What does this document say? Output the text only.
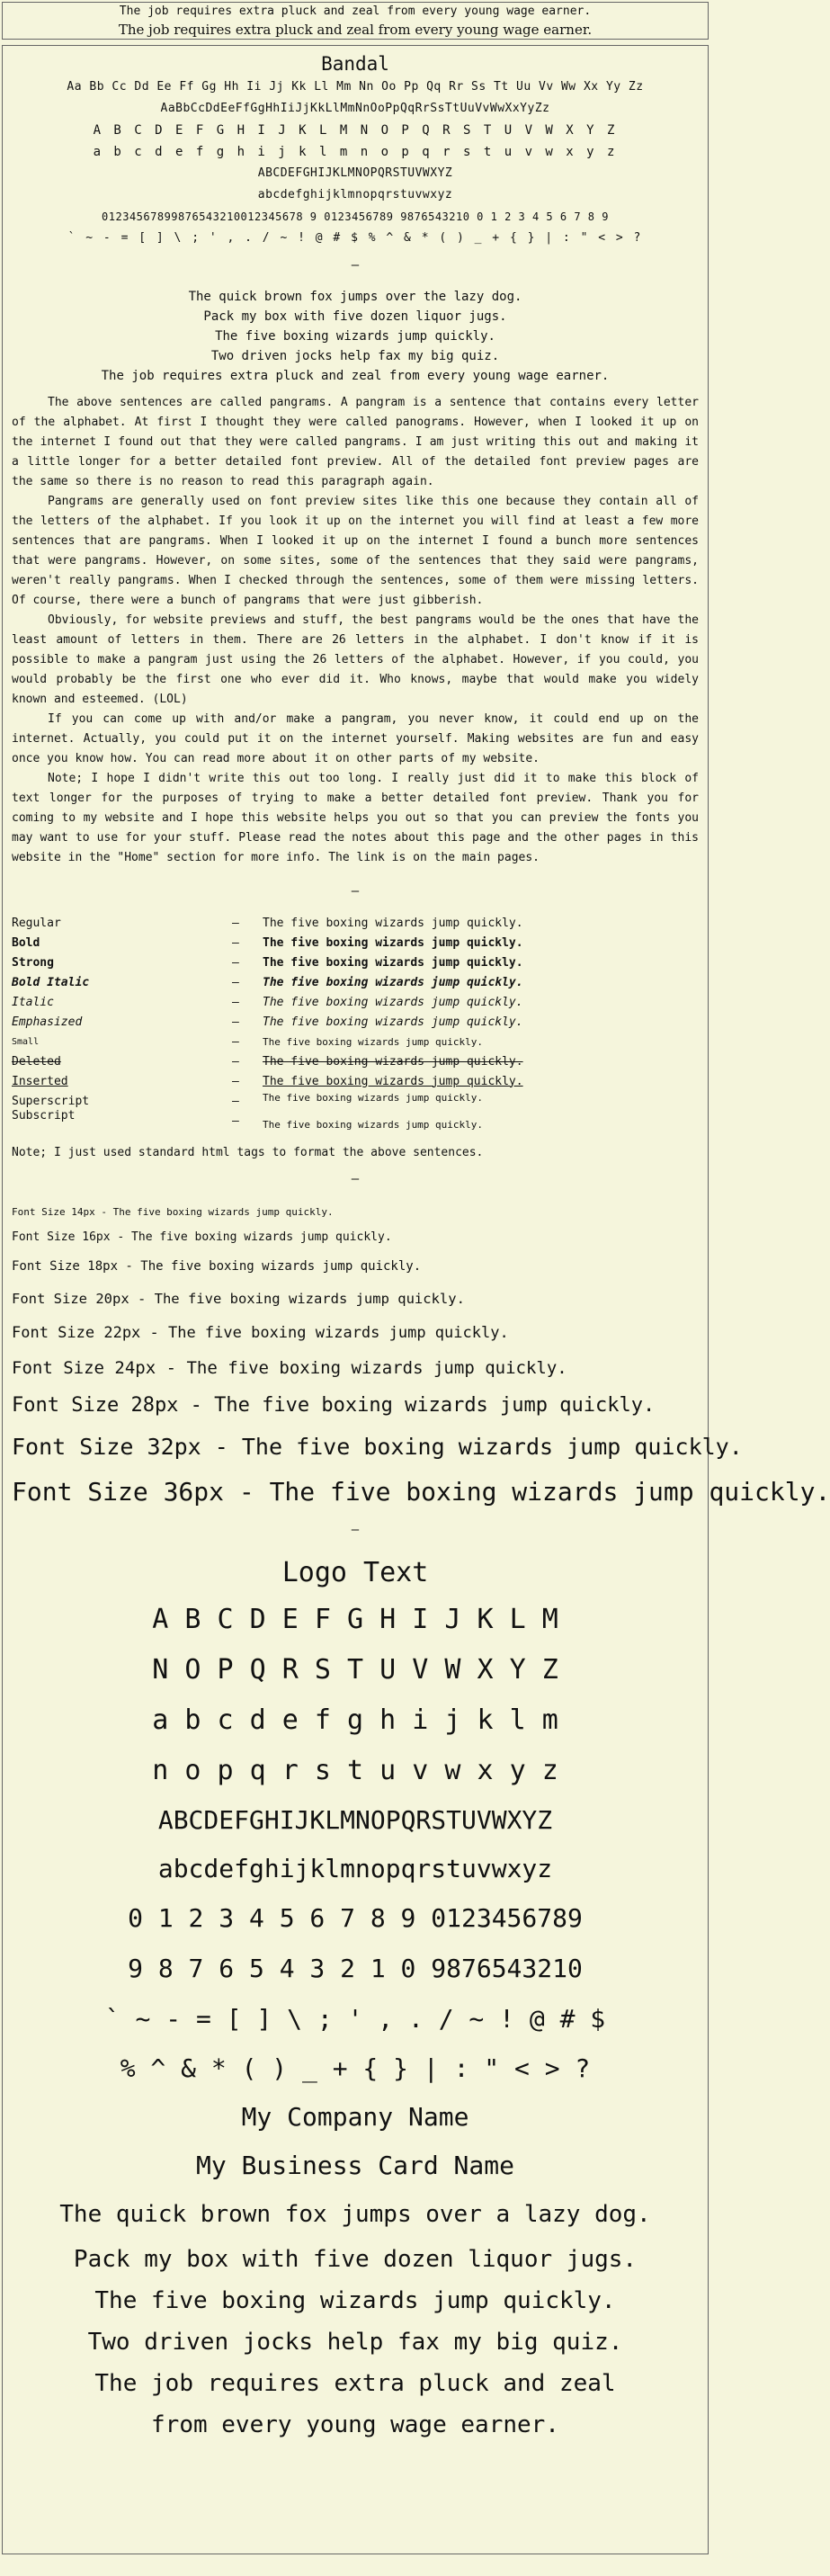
The job requires extra pluck and zeal from every young wage earner.
The job requires extra pluck and zeal from every young wage earner.
Bandal
Aa Bb Cc Dd Ee Ff Gg Hh Ii Jj Kk Ll Mm Nn Oo Pp Qq Rr Ss Tt Uu Vv Ww Xx Yy Zz
AaBbCcDdEeFfGgHhIiJjKkLlMmNnOoPpQqRrSsTtUuVvWwXxYyZz
A B C D E F G H I J K L M N O P Q R S T U V W X Y Z
a b c d e f g h i j k l m n o p q r s t u v w x y z
ABCDEFGHIJKLMNOPQRSTUVWXYZ
abcdefghijklmnopqrstuvwxyz
01234567899876543210012345678 9 0123456789 9876543210 0 1 2 3 4 5 6 7 8 9
` ~ - = [ ] \ ; ' , . / ~ ! @ # $ % ^ & * ( ) _ + { } | : " < > ?
—
The quick brown fox jumps over the lazy dog.
Pack my box with five dozen liquor jugs.
The five boxing wizards jump quickly.
Two driven jocks help fax my big quiz.
The job requires extra pluck and zeal from every young wage earner.

The above sentences are called pangrams. A pangram is a sentence that contains every letter of the alphabet. At first I thought they were called panograms. However, when I looked it up on the internet I found out that they were called pangrams. I am just writing this out and making it a little longer for a better detailed font preview. All of the detailed font preview pages are the same so there is no reason to read this paragraph again.

Pangrams are generally used on font preview sites like this one because they contain all of the letters of the alphabet. If you look it up on the internet you will find at least a few more sentences that are pangrams. When I looked it up on the internet I found a bunch more sentences that were pangrams. However, on some sites, some of the sentences that they said were pangrams, weren't really pangrams. When I checked through the sentences, some of them were missing letters. Of course, there were a bunch of pangrams that were just gibberish.

Obviously, for website previews and stuff, the best pangrams would be the ones that have the least amount of letters in them. There are 26 letters in the alphabet. I don't know if it is possible to make a pangram just using the 26 letters of the alphabet. However, if you could, you would probably be the first one who ever did it. Who knows, maybe that would make you widely known and esteemed. (LOL)

If you can come up with and/or make a pangram, you never know, it could end up on the internet. Actually, you could put it on the internet yourself. Making websites are fun and easy once you know how. You can read more about it on other parts of my website.

Note; I hope I didn't write this out too long. I really just did it to make this block of text longer for the purposes of trying to make a better detailed font preview. Thank you for coming to my website and I hope this website helps you out so that you can preview the fonts you may want to use for your stuff. Please read the notes about this page and the other pages in this website in the "Home" section for more info. The link is on the main pages.

—
Regular	–	The five boxing wizards jump quickly.
Bold	–	The five boxing wizards jump quickly.
Strong	–	The five boxing wizards jump quickly.
Bold Italic	–	The five boxing wizards jump quickly.
Italic	–	The five boxing wizards jump quickly.
Emphasized	–	The five boxing wizards jump quickly.
Small	–	The five boxing wizards jump quickly.
Deleted	–	The five boxing wizards jump quickly.
Inserted	–	The five boxing wizards jump quickly.
Superscript	–	The five boxing wizards jump quickly.
Subscript	–	The five boxing wizards jump quickly.
Note; I just used standard html tags to format the above sentences.
—
Font Size 14px - The five boxing wizards jump quickly.
Font Size 16px - The five boxing wizards jump quickly.
Font Size 18px - The five boxing wizards jump quickly.
Font Size 20px - The five boxing wizards jump quickly.
Font Size 22px - The five boxing wizards jump quickly.
Font Size 24px - The five boxing wizards jump quickly.
Font Size 28px - The five boxing wizards jump quickly.
Font Size 32px - The five boxing wizards jump quickly.
Font Size 36px - The five boxing wizards jump quickly.
—
Logo Text
A B C D E F G H I J K L M
N O P Q R S T U V W X Y Z
a b c d e f g h i j k l m
n o p q r s t u v w x y z
ABCDEFGHIJKLMNOPQRSTUVWXYZ
abcdefghijklmnopqrstuvwxyz
0 1 2 3 4 5 6 7 8 9 0123456789
9 8 7 6 5 4 3 2 1 0 9876543210
` ~ - = [ ] \ ; ' , . / ~ ! @ # $
% ^ & * ( ) _ + { } | : " < > ?
My Company Name
My Business Card Name
The quick brown fox jumps over a lazy dog.
Pack my box with five dozen liquor jugs.
The five boxing wizards jump quickly.
Two driven jocks help fax my big quiz.
The job requires extra pluck and zeal
from every young wage earner.
